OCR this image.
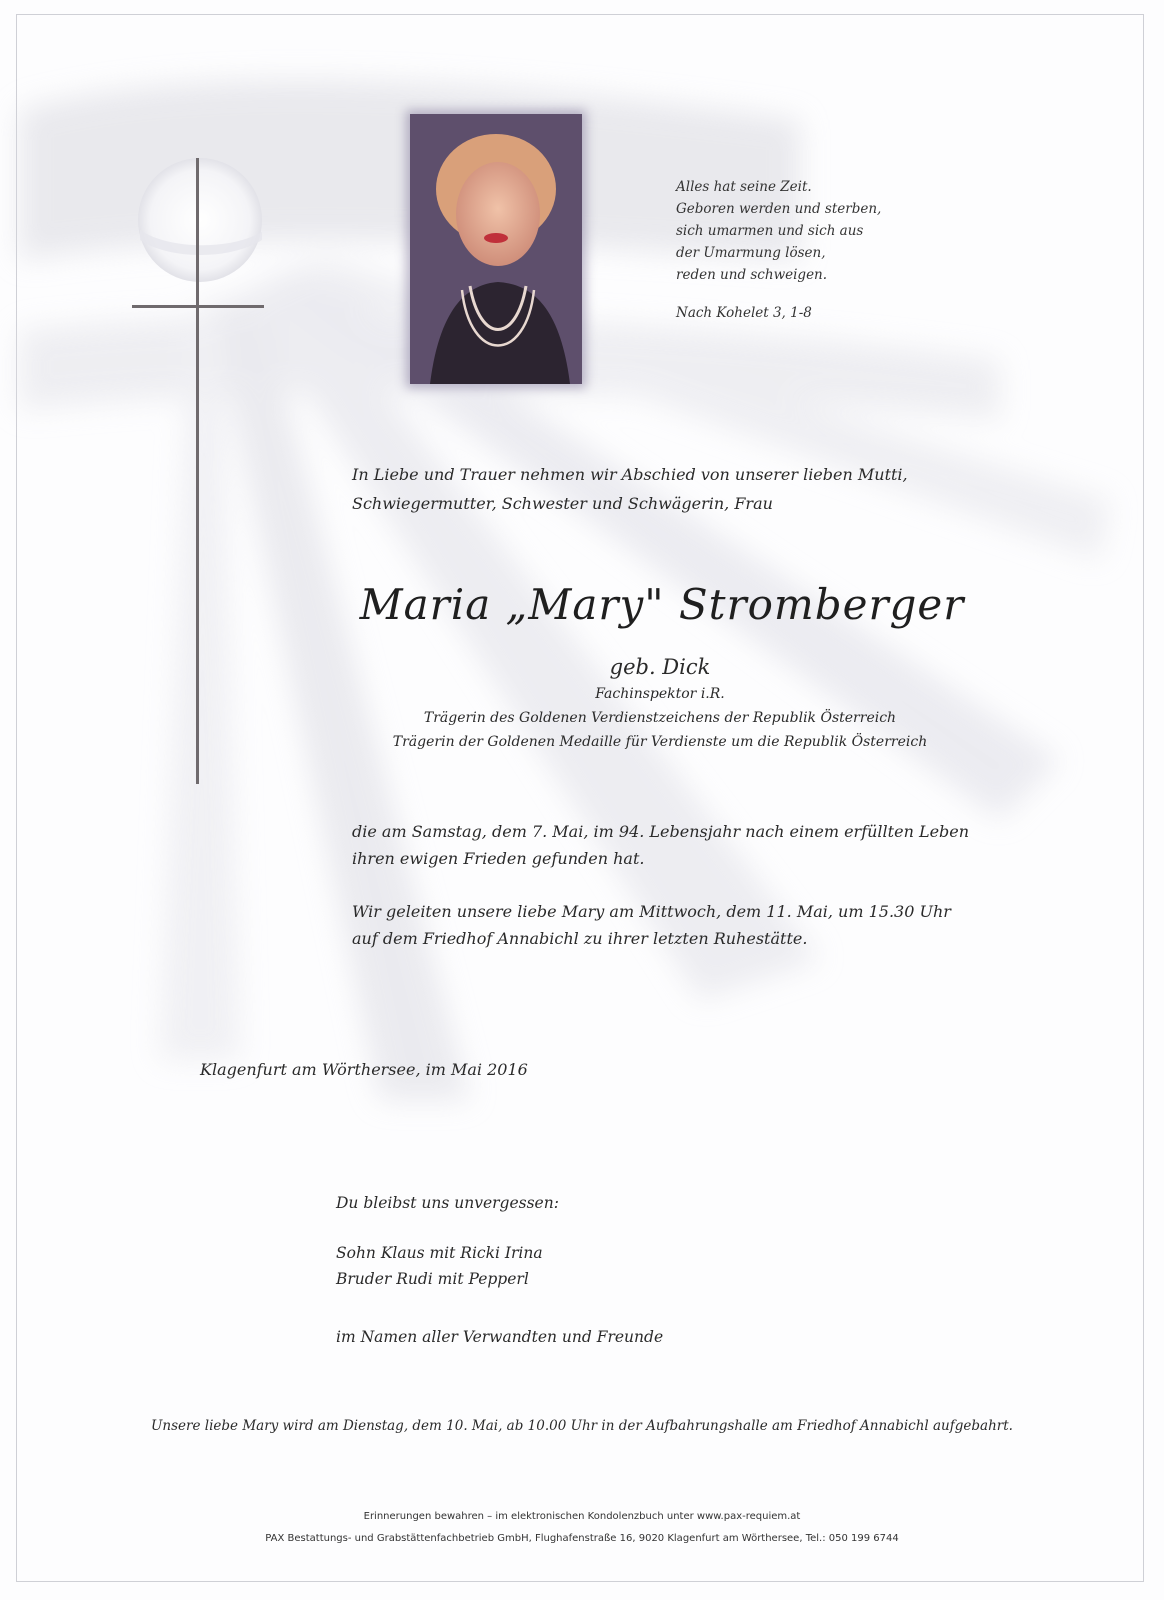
Alles hat seine Zeit.
Geboren werden und sterben,
sich umarmen und sich aus
der Umarmung lösen,
reden und schweigen.
Nach Kohelet 3, 1-8
In Liebe und Trauer nehmen wir Abschied von unserer lieben Mutti,
Schwiegermutter, Schwester und Schwägerin, Frau
Maria „Mary" Stromberger
geb. Dick
Fachinspektor i.R.
Trägerin des Goldenen Verdienstzeichens der Republik Österreich
Trägerin der Goldenen Medaille für Verdienste um die Republik Österreich
die am Samstag, dem 7. Mai, im 94. Lebensjahr nach einem erfüllten Leben
ihren ewigen Frieden gefunden hat.
Wir geleiten unsere liebe Mary am Mittwoch, dem 11. Mai, um 15.30 Uhr
auf dem Friedhof Annabichl zu ihrer letzten Ruhestätte.
Klagenfurt am Wörthersee, im Mai 2016
Du bleibst uns unvergessen:
Sohn Klaus mit Ricki Irina
Bruder Rudi mit Pepperl
im Namen aller Verwandten und Freunde
Unsere liebe Mary wird am Dienstag, dem 10. Mai, ab 10.00 Uhr in der Aufbahrungshalle am Friedhof Annabichl aufgebahrt.
Erinnerungen bewahren – im elektronischen Kondolenzbuch unter www.pax-requiem.at
PAX Bestattungs- und Grabstättenfachbetrieb GmbH, Flughafenstraße 16, 9020 Klagenfurt am Wörthersee, Tel.: 050 199 6744
